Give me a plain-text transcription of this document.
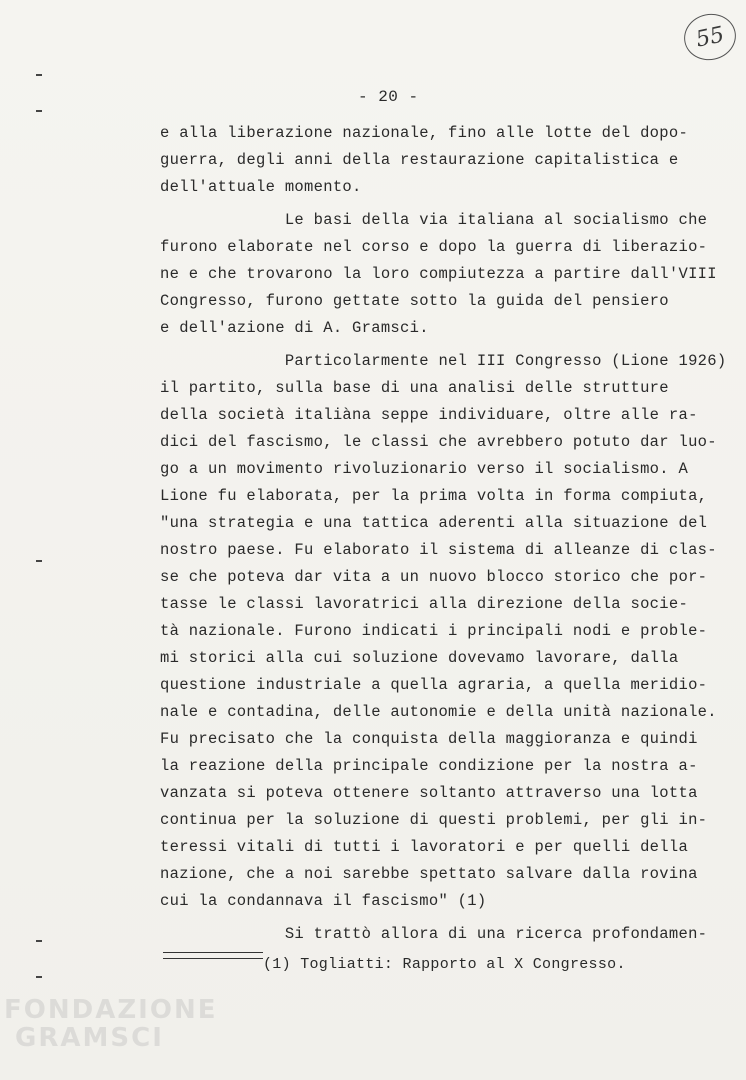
55
- 20 -

e alla liberazione nazionale, fino alle lotte del dopo-

guerra, degli anni della restaurazione capitalistica e

dell'attuale momento.

Le basi della via italiana al socialismo che

furono elaborate nel corso e dopo la guerra di liberazio-

ne e che trovarono la loro compiutezza a partire dall'VIII

Congresso, furono gettate sotto la guida del pensiero

e dell'azione di A. Gramsci.

Particolarmente nel III Congresso (Lione 1926)

il partito, sulla base di una analisi delle strutture

della società italiàna seppe individuare, oltre alle ra-

dici del fascismo, le classi che avrebbero potuto dar luo-

go a un movimento rivoluzionario verso il socialismo. A

Lione fu elaborata, per la prima volta in forma compiuta,

"una strategia e una tattica aderenti alla situazione del

nostro paese. Fu elaborato il sistema di alleanze di clas-

se che poteva dar vita a un nuovo blocco storico che por-

tasse le classi lavoratrici alla direzione della socie-

tà nazionale. Furono indicati i principali nodi e proble-

mi storici alla cui soluzione dovevamo lavorare, dalla

questione industriale a quella agraria, a quella meridio-

nale e contadina, delle autonomie e della unità nazionale.

Fu precisato che la conquista della maggioranza e quindi

la reazione della principale condizione per la nostra a-

vanzata si poteva ottenere soltanto attraverso una lotta

continua per la soluzione di questi problemi, per gli in-

teressi vitali di tutti i lavoratori e per quelli della

nazione, che a noi sarebbe spettato salvare dalla rovina

cui la condannava il fascismo" (1)

Si trattò allora di una ricerca profondamen-

(1) Togliatti: Rapporto al X Congresso.
FONDAZIONE
GRAMSCI
